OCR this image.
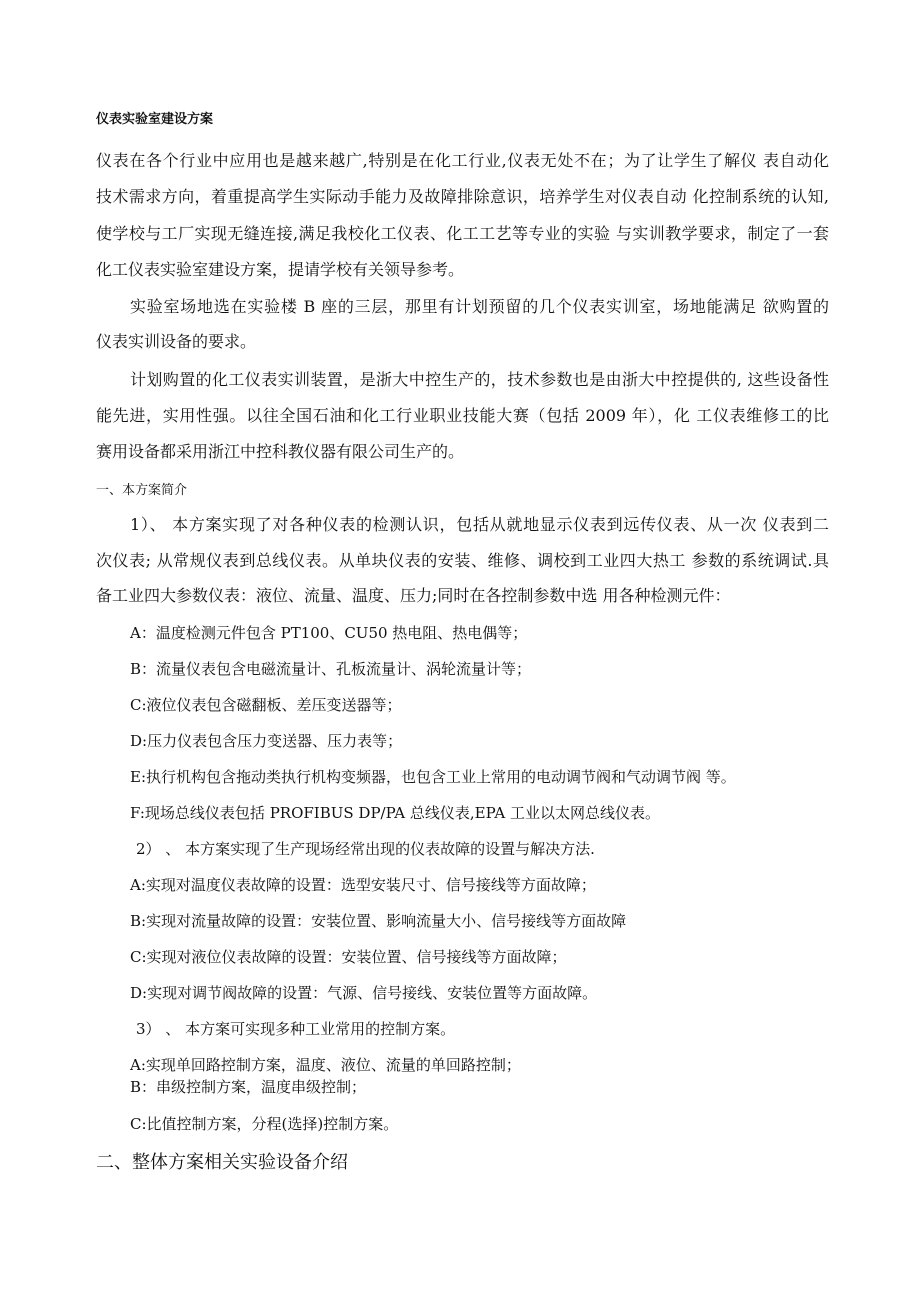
仪表实验室建设方案
仪表在各个行业中应用也是越来越广,特别是在化工行业,仪表无处不在；为了让学生了解仪 表自动化
技术需求方向，着重提高学生实际动手能力及故障排除意识，培养学生对仪表自动 化控制系统的认知,
使学校与工厂实现无缝连接,满足我校化工仪表、化工工艺等专业的实验 与实训教学要求，制定了一套
化工仪表实验室建设方案，提请学校有关领导参考。
实验室场地选在实验楼 B 座的三层，那里有计划预留的几个仪表实训室，场地能满足 欲购置的
仪表实训设备的要求。
计划购置的化工仪表实训装置，是浙大中控生产的，技术参数也是由浙大中控提供的, 这些设备性
能先进，实用性强。以往全国石油和化工行业职业技能大赛（包括 2009 年），化 工仪表维修工的比
赛用设备都采用浙江中控科教仪器有限公司生产的。
一、本方案简介
1）、 本方案实现了对各种仪表的检测认识，包括从就地显示仪表到远传仪表、从一次 仪表到二
次仪表; 从常规仪表到总线仪表。从单块仪表的安装、维修、调校到工业四大热工 参数的系统调试.具
备工业四大参数仪表：液位、流量、温度、压力;同时在各控制参数中选 用各种检测元件：
A：温度检测元件包含 PT100、CU50 热电阻、热电偶等；
B：流量仪表包含电磁流量计、孔板流量计、涡轮流量计等；
C:液位仪表包含磁翻板、差压变送器等；
D:压力仪表包含压力变送器、压力表等；
E:执行机构包含拖动类执行机构变频器，也包含工业上常用的电动调节阀和气动调节阀 等。
F:现场总线仪表包括 PROFIBUS DP/PA 总线仪表,EPA 工业以太网总线仪表。
2） 、 本方案实现了生产现场经常出现的仪表故障的设置与解决方法.
A:实现对温度仪表故障的设置：选型安装尺寸、信号接线等方面故障；
B:实现对流量故障的设置：安装位置、影响流量大小、信号接线等方面故障
C:实现对液位仪表故障的设置：安装位置、信号接线等方面故障；
D:实现对调节阀故障的设置：气源、信号接线、安装位置等方面故障。
3） 、 本方案可实现多种工业常用的控制方案。
A:实现单回路控制方案，温度、液位、流量的单回路控制；
B：串级控制方案，温度串级控制；
C:比值控制方案，分程(选择)控制方案。
二、整体方案相关实验设备介绍
